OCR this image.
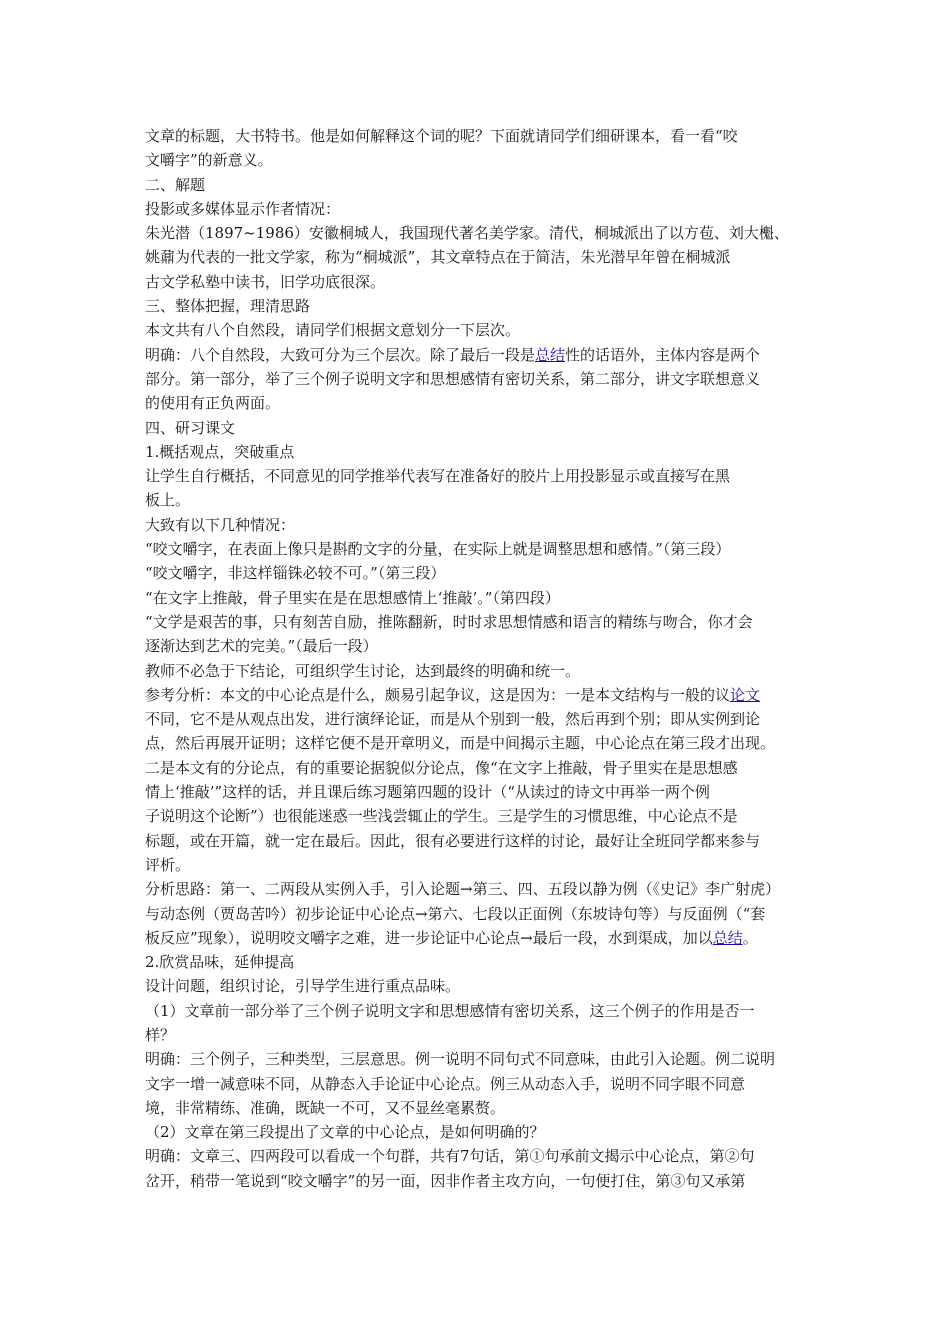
文章的标题，大书特书。他是如何解释这个词的呢？下面就请同学们细研课本，看一看“咬
文嚼字”的新意义。
二、解题
投影或多媒体显示作者情况：
朱光潜（1897~1986）安徽桐城人，我国现代著名美学家。清代，桐城派出了以方苞、刘大櫆、
姚鼐为代表的一批文学家，称为“桐城派”，其文章特点在于简洁，朱光潜早年曾在桐城派
古文学私塾中读书，旧学功底很深。
三、整体把握，理清思路
本文共有八个自然段，请同学们根据文意划分一下层次。
明确：八个自然段，大致可分为三个层次。除了最后一段是总结性的话语外，主体内容是两个
部分。第一部分，举了三个例子说明文字和思想感情有密切关系，第二部分，讲文字联想意义
的使用有正负两面。
四、研习课文
1.概括观点，突破重点
让学生自行概括，不同意见的同学推举代表写在准备好的胶片上用投影显示或直接写在黑
板上。
大致有以下几种情况：
“咬文嚼字，在表面上像只是斟酌文字的分量，在实际上就是调整思想和感情。”（第三段）
“咬文嚼字，非这样锱铢必较不可。”（第三段）
“在文字上推敲，骨子里实在是在思想感情上‘推敲’。”（第四段）
“文学是艰苦的事，只有刻苦自励，推陈翻新，时时求思想情感和语言的精练与吻合，你才会
逐渐达到艺术的完美。”（最后一段）
教师不必急于下结论，可组织学生讨论，达到最终的明确和统一。
参考分析：本文的中心论点是什么，颇易引起争议，这是因为：一是本文结构与一般的议论文
不同，它不是从观点出发，进行演绎论证，而是从个别到一般，然后再到个别；即从实例到论
点，然后再展开证明；这样它便不是开章明义，而是中间揭示主题，中心论点在第三段才出现。
二是本文有的分论点，有的重要论据貌似分论点，像“在文字上推敲，骨子里实在是思想感
情上‘推敲’”这样的话，并且课后练习题第四题的设计（“从读过的诗文中再举一两个例
子说明这个论断”）也很能迷惑一些浅尝辄止的学生。三是学生的习惯思维，中心论点不是
标题，或在开篇，就一定在最后。因此，很有必要进行这样的讨论，最好让全班同学都来参与
评析。
分析思路：第一、二两段从实例入手，引入论题→第三、四、五段以静为例（《史记》李广射虎）
与动态例（贾岛苦吟）初步论证中心论点→第六、七段以正面例（东坡诗句等）与反面例（“套
板反应”现象），说明咬文嚼字之难，进一步论证中心论点→最后一段，水到渠成，加以总结。
2.欣赏品味，延伸提高
设计问题，组织讨论，引导学生进行重点品味。
（1）文章前一部分举了三个例子说明文字和思想感情有密切关系，这三个例子的作用是否一
样？
明确：三个例子，三种类型，三层意思。例一说明不同句式不同意味，由此引入论题。例二说明
文字一增一减意味不同，从静态入手论证中心论点。例三从动态入手，说明不同字眼不同意
境，非常精练、准确，既缺一不可，又不显丝毫累赘。
（2）文章在第三段提出了文章的中心论点，是如何明确的？
明确：文章三、四两段可以看成一个句群，共有7句话，第①句承前文揭示中心论点，第②句
岔开，稍带一笔说到“咬文嚼字”的另一面，因非作者主攻方向，一句便打住，第③句又承第
